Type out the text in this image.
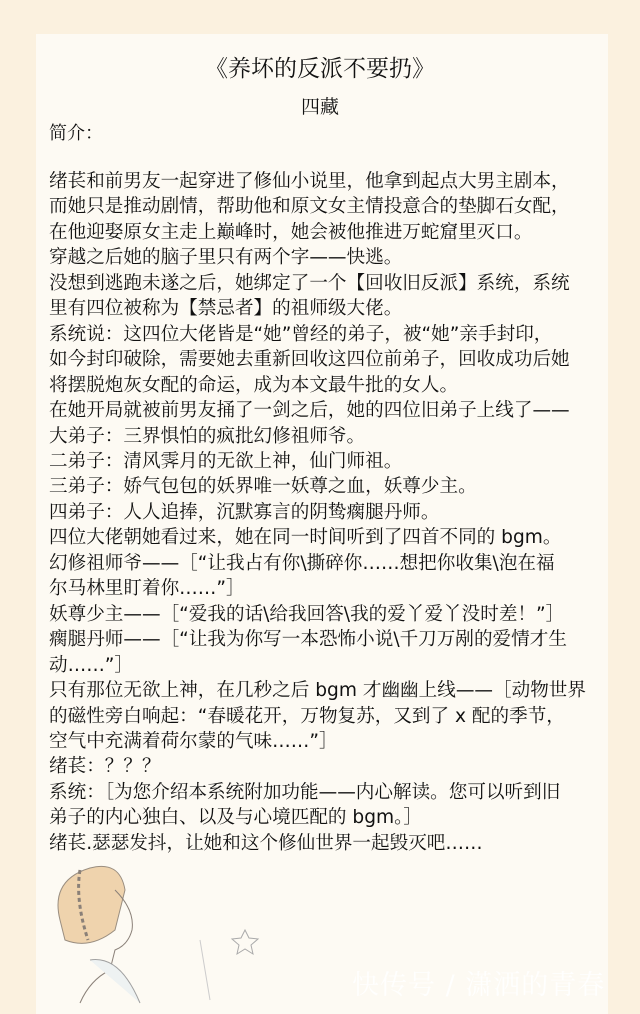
《养坏的反派不要扔》
四藏
简介：
绪苌和前男友一起穿进了修仙小说里，他拿到起点大男主剧本，
而她只是推动剧情，帮助他和原文女主情投意合的垫脚石女配，
在他迎娶原女主走上巅峰时，她会被他推进万蛇窟里灭口。
穿越之后她的脑子里只有两个字——快逃。
没想到逃跑未遂之后，她绑定了一个【回收旧反派】系统，系统
里有四位被称为【禁忌者】的祖师级大佬。
系统说：这四位大佬皆是“她”曾经的弟子，被“她”亲手封印，
如今封印破除，需要她去重新回收这四位前弟子，回收成功后她
将摆脱炮灰女配的命运，成为本文最牛批的女人。
在她开局就被前男友捅了一剑之后，她的四位旧弟子上线了——
大弟子：三界惧怕的疯批幻修祖师爷。
二弟子：清风霁月的无欲上神，仙门师祖。
三弟子：娇气包包的妖界唯一妖尊之血，妖尊少主。
四弟子：人人追捧，沉默寡言的阴鸷瘸腿丹师。
四位大佬朝她看过来，她在同一时间听到了四首不同的 bgm。
幻修祖师爷——［“让我占有你\撕碎你……想把你收集\泡在福
尔马林里盯着你……”］
妖尊少主——［“爱我的话\给我回答\我的爱丫爱丫没时差！”］
瘸腿丹师——［“让我为你写一本恐怖小说\千刀万剐的爱情才生
动……”］
只有那位无欲上神，在几秒之后 bgm 才幽幽上线——［动物世界
的磁性旁白响起：“春暖花开，万物复苏，又到了 x 配的季节，
空气中充满着荷尔蒙的气味……”］
绪苌：？？？
系统：［为您介绍本系统附加功能——内心解读。您可以听到旧
弟子的内心独白、以及与心境匹配的 bgm。］
绪苌.瑟瑟发抖，让她和这个修仙世界一起毁灭吧……
快传号 / 潇洒的青春
